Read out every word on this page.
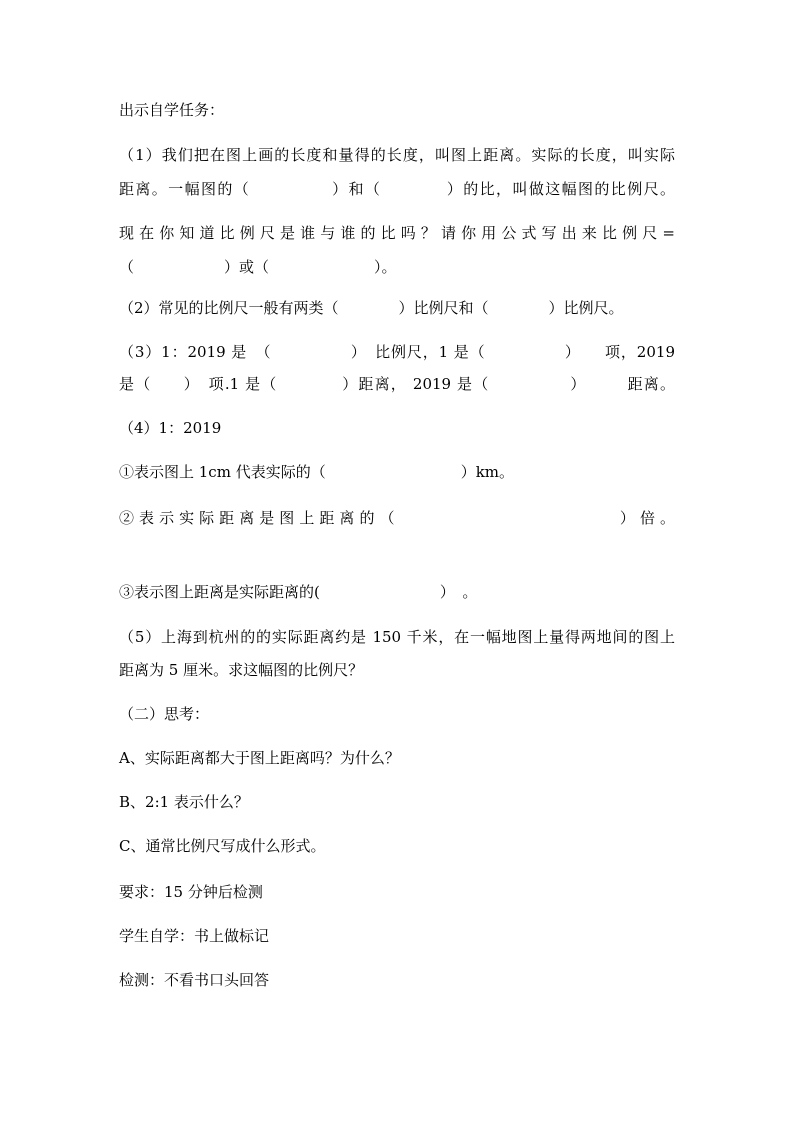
出示自学任务：
（1）我们把在图上画的长度和量得的长度，叫图上距离。实际的长度，叫实际
距离。一幅图的（　　　　　）和（　　　　）的比，叫做这幅图的比例尺。
现在你知道比例尺是谁与谁的比吗？请你用公式写出来比例尺=
（　　　　　　）或（　　　　　　　）。
（2）常见的比例尺一般有两类（　　　　）比例尺和（　　　　）比例尺。
（3）1：2019 是　（　　　　　）　比例尺，1 是（　　　　　）　　项，2019
是（　　）　项.1 是（　　　　）距离， 2019 是（　　　　　）　　　距离。
（4）1：2019
①表示图上 1cm 代表实际的（　　　　　　　　　）km。
②表示实际距离是图上距离的（　　　　　　　　　　　）倍。
③表示图上距离是实际距离的(　　　　　　　　）　。
（5）上海到杭州的的实际距离约是 150 千米，在一幅地图上量得两地间的图上
距离为 5 厘米。求这幅图的比例尺？
（二）思考：
A、实际距离都大于图上距离吗？为什么？
B、2:1 表示什么？
C、通常比例尺写成什么形式。
要求：15 分钟后检测
学生自学：书上做标记
检测：不看书口头回答
